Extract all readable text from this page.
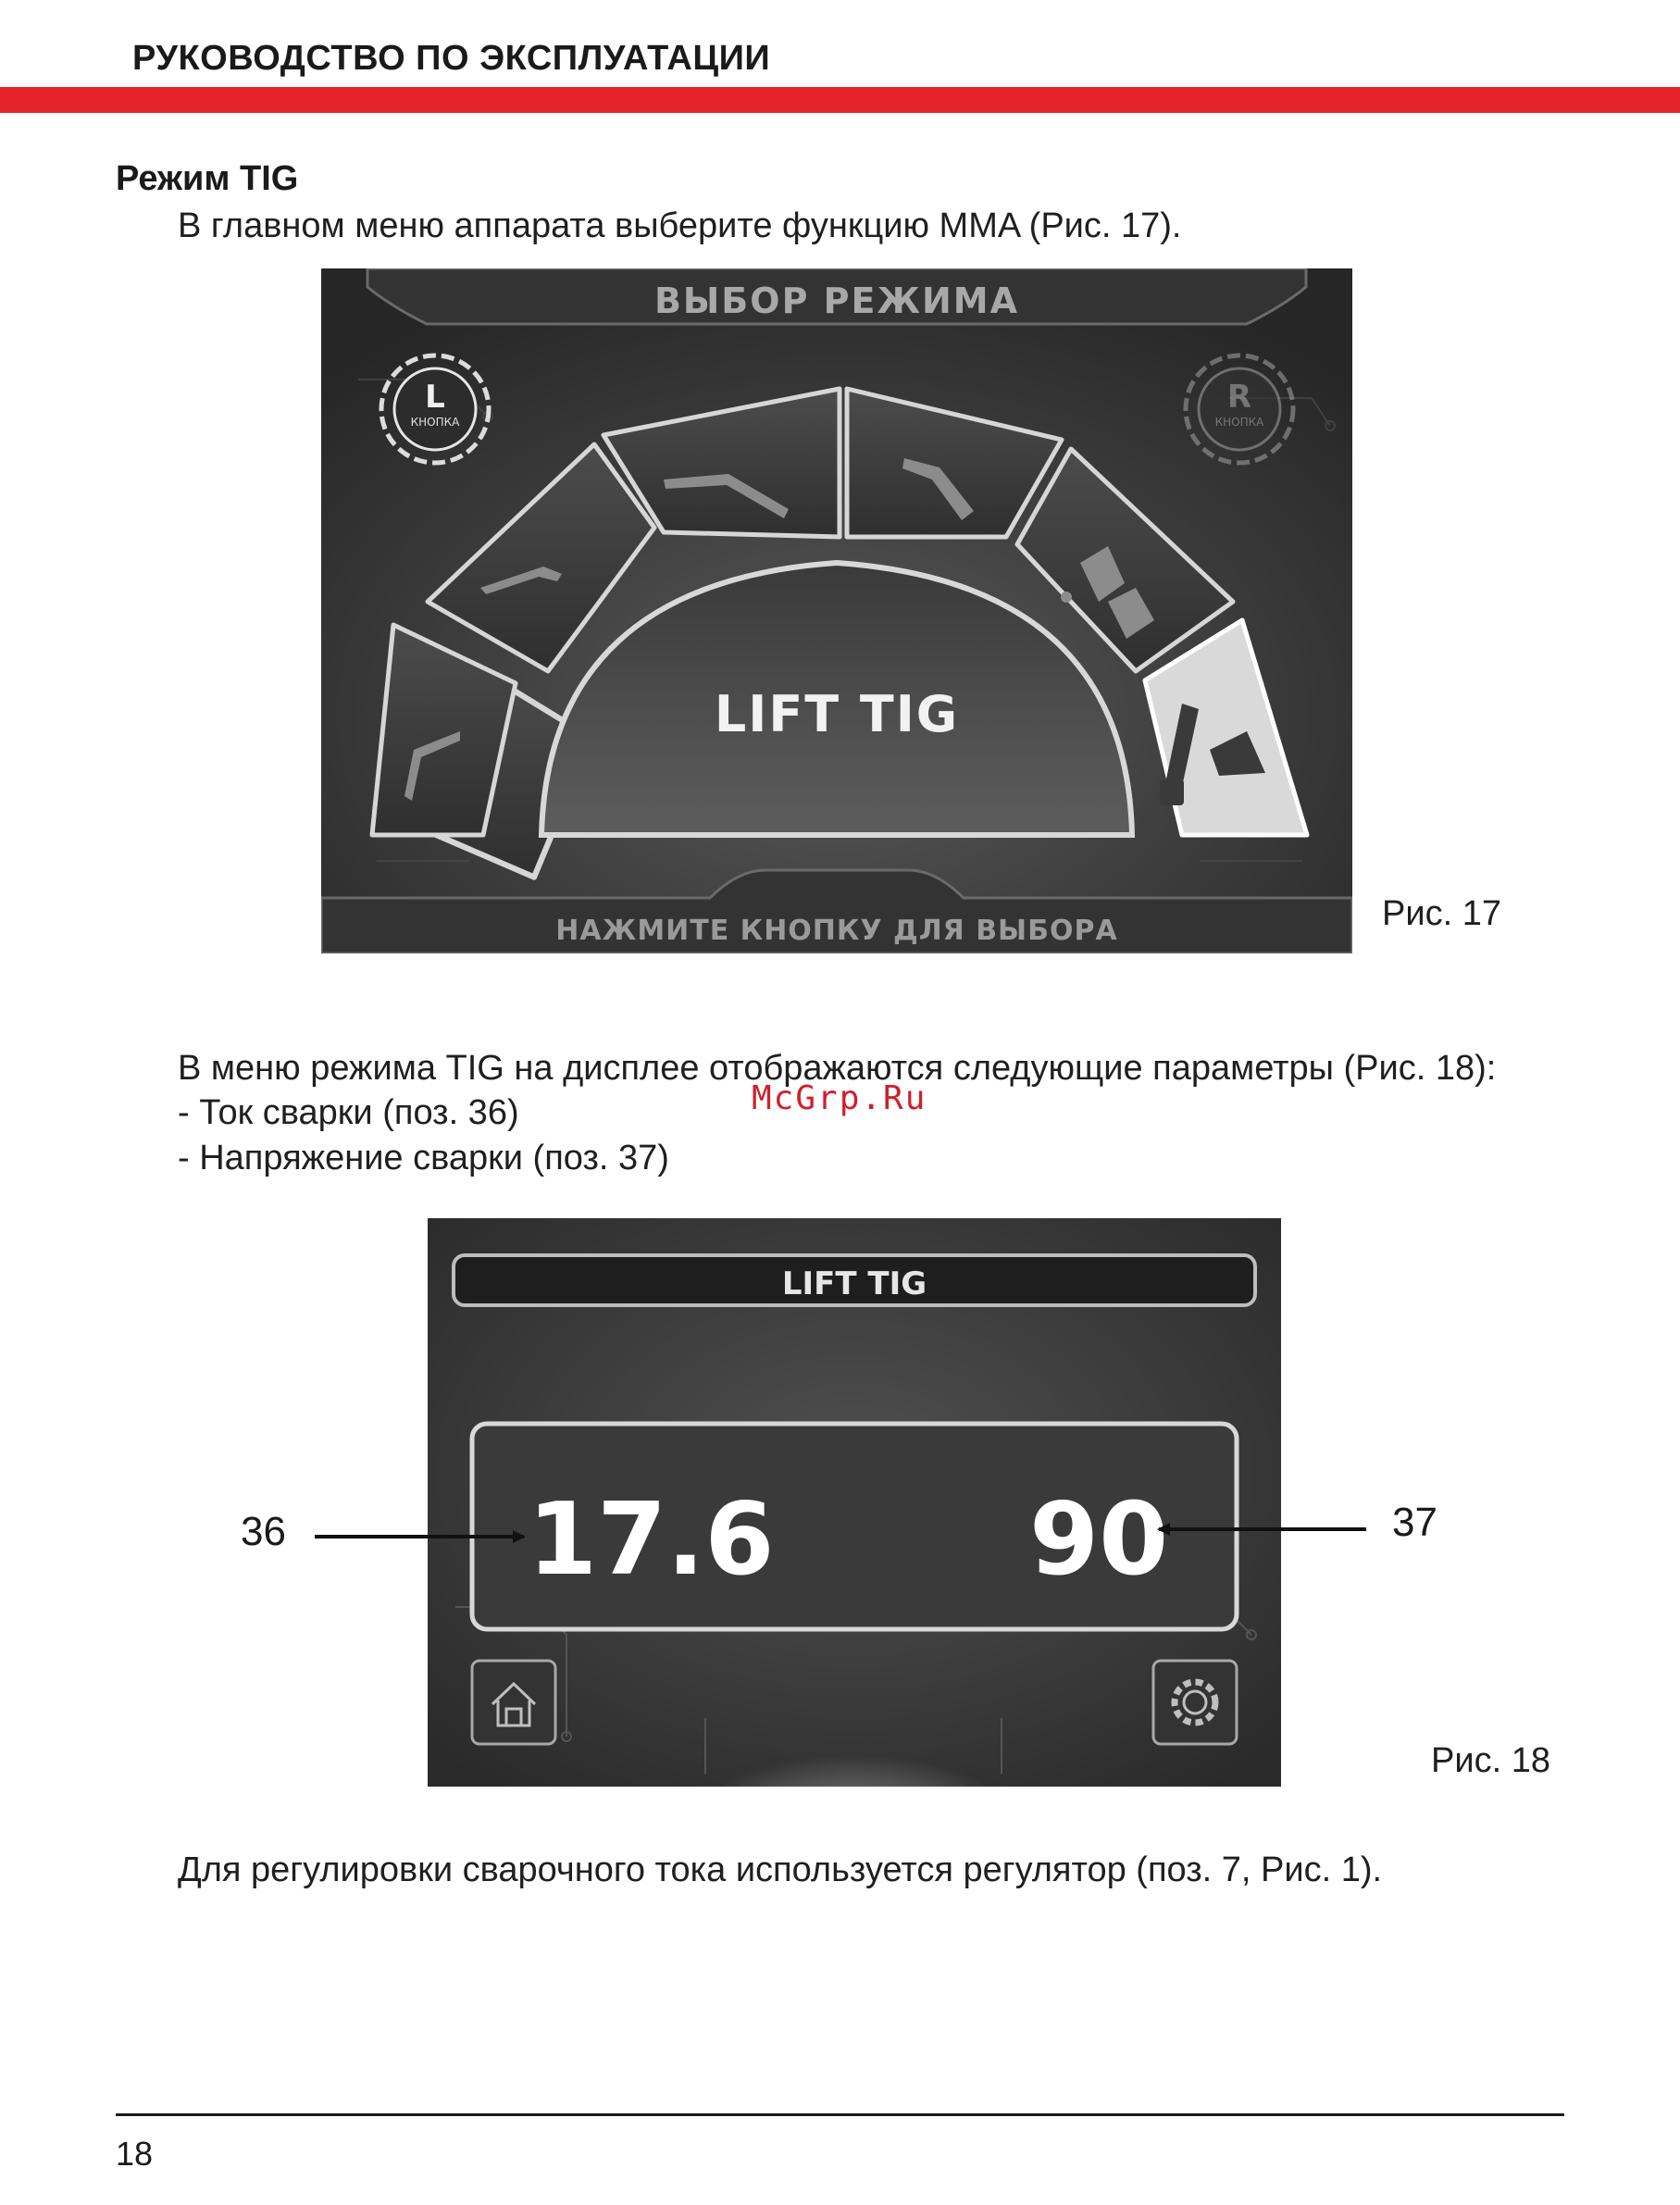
РУКОВОДСТВО ПО ЭКСПЛУАТАЦИИ
Режим TIG
В главном меню аппарата выберите функцию MMA (Рис. 17).
ВЫБОР РЕЖИМА
L
КНОПКА
R
КНОПКА
LIFT TIG
НАЖМИТЕ КНОПКУ ДЛЯ ВЫБОРА	Рис. 17
В меню режима TIG на дисплее отображаются следующие параметры (Рис. 18):
McGrp.Ru
- Ток сварки (поз. 36)
- Напряжение сварки (поз. 37)
LIFT TIG
17.6	90
Рис. 18
36	37
Для регулировки сварочного тока используется регулятор (поз. 7, Рис. 1).
18
